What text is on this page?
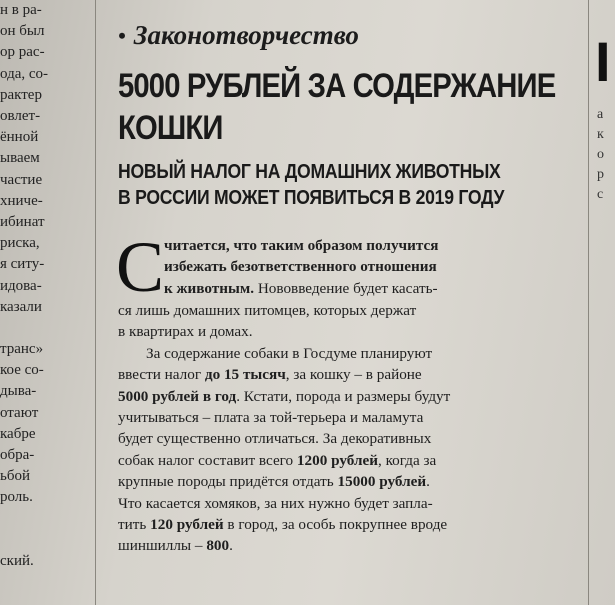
н в ра-
он был
ор рас-
ода, со-
рактер
овлет-
ённой
ываем
частие
хниче-
ибинат
риска,
я ситу-
идова-
казали
транс»
кое со-
дыва-
отают
кабре
обра-
ьбой
роль.
ский.
I
а
к
о
р
с
• Законотворчество
5000 РУБЛЕЙ ЗА СОДЕРЖАНИЕ
КОШКИ
НОВЫЙ НАЛОГ НА ДОМАШНИХ ЖИВОТНЫХ
В РОССИИ МОЖЕТ ПОЯВИТЬСЯ В 2019 ГОДУ
С читается, что таким образом получится
избежать безответственного отношения
к животным. Нововведение будет касать-
ся лишь домашних питомцев, которых держат
в квартирах и домах.
За содержание собаки в Госдуме планируют
ввести налог до 15 тысяч, за кошку – в районе
5000 рублей в год. Кстати, порода и размеры будут
учитываться – плата за той-терьера и маламута
будет существенно отличаться. За декоративных
собак налог составит всего 1200 рублей, когда за
крупные породы придётся отдать 15000 рублей.
Что касается хомяков, за них нужно будет запла-
тить 120 рублей в город, за особь покрупнее вроде
шиншиллы – 800.
